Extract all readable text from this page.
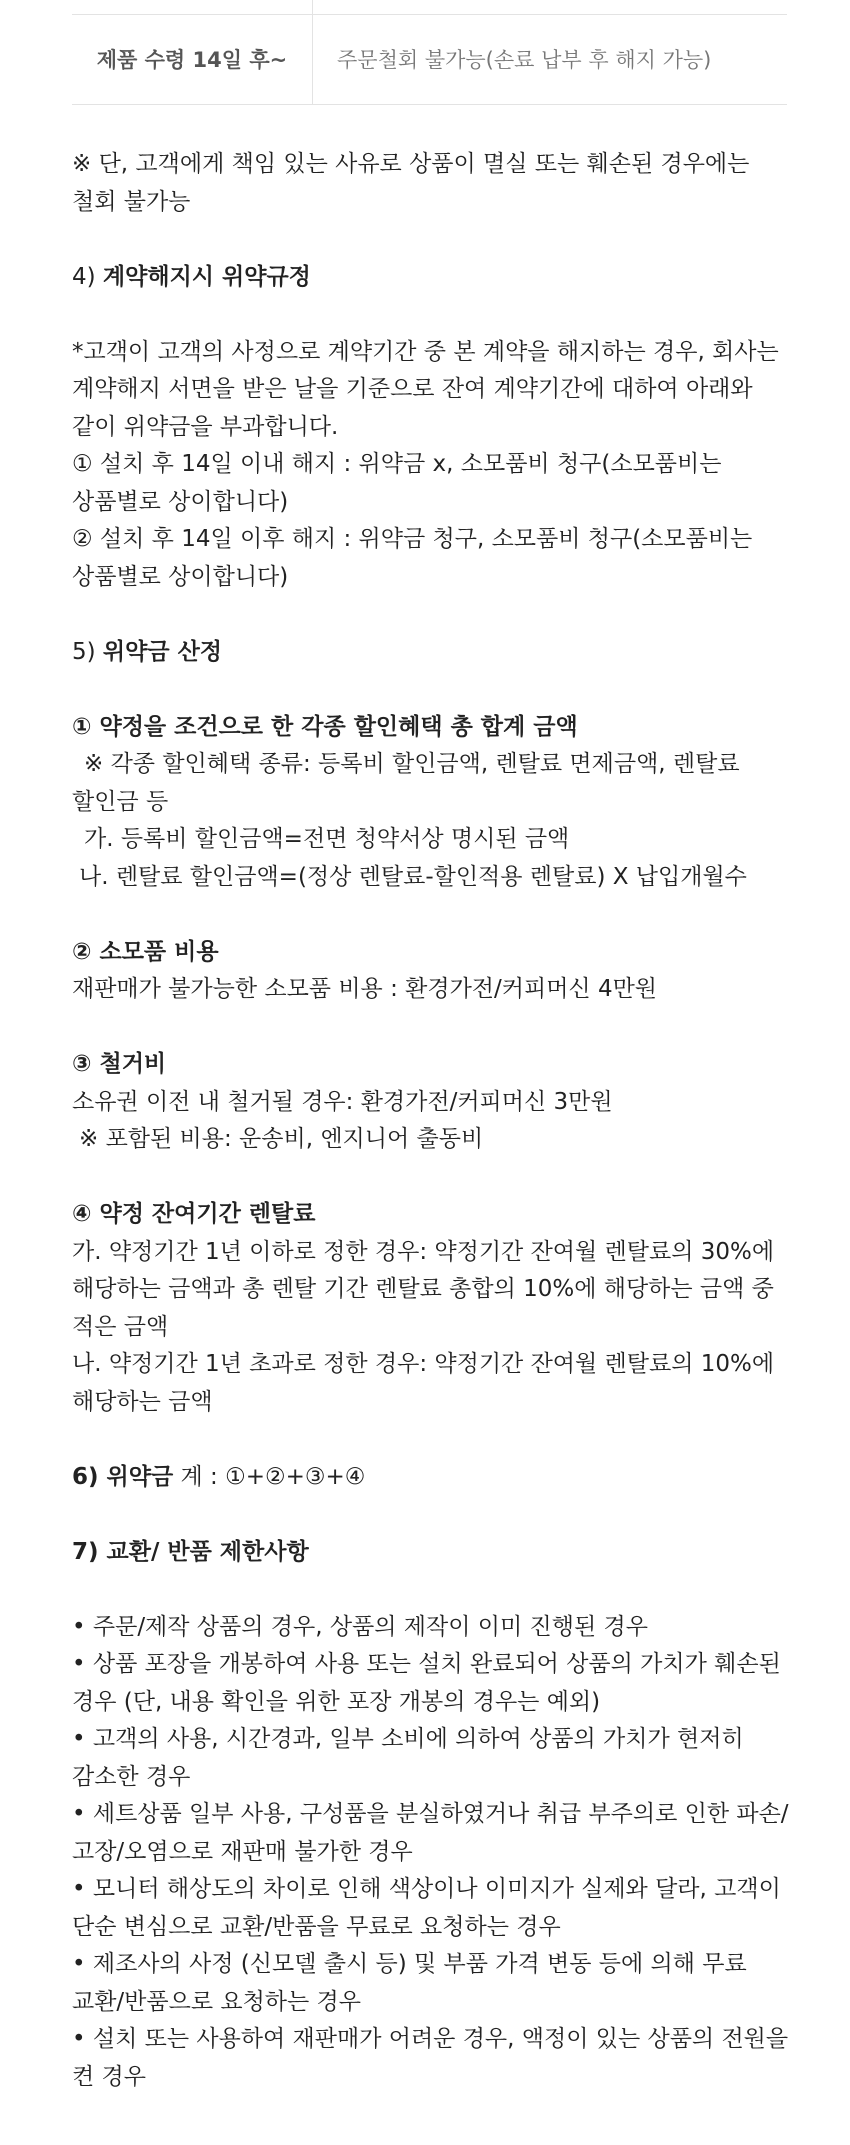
제품 수령 14일 후~	주문철회 불가능(손료 납부 후 해지 가능)
※ 단, 고객에게 책임 있는 사유로 상품이 멸실 또는 훼손된 경우에는
철회 불가능
4) 계약해지시 위약규정
*고객이 고객의 사정으로 계약기간 중 본 계약을 해지하는 경우, 회사는
계약해지 서면을 받은 날을 기준으로 잔여 계약기간에 대하여 아래와
같이 위약금을 부과합니다.
① 설치 후 14일 이내 해지 : 위약금 x, 소모품비 청구(소모품비는
상품별로 상이합니다)
② 설치 후 14일 이후 해지 : 위약금 청구, 소모품비 청구(소모품비는
상품별로 상이합니다)
5) 위약금 산정
① 약정을 조건으로 한 각종 할인혜택 총 합계 금액
※ 각종 할인혜택 종류: 등록비 할인금액, 렌탈료 면제금액, 렌탈료
할인금 등
가. 등록비 할인금액=전면 청약서상 명시된 금액
나. 렌탈료 할인금액=(정상 렌탈료-할인적용 렌탈료) X 납입개월수
② 소모품 비용
재판매가 불가능한 소모품 비용 : 환경가전/커피머신 4만원
③ 철거비
소유권 이전 내 철거될 경우: 환경가전/커피머신 3만원
※ 포함된 비용: 운송비, 엔지니어 출동비
④ 약정 잔여기간 렌탈료
가. 약정기간 1년 이하로 정한 경우: 약정기간 잔여월 렌탈료의 30%에
해당하는 금액과 총 렌탈 기간 렌탈료 총합의 10%에 해당하는 금액 중
적은 금액
나. 약정기간 1년 초과로 정한 경우: 약정기간 잔여월 렌탈료의 10%에
해당하는 금액
6) 위약금 계 : ①+②+③+④
7) 교환/ 반품 제한사항
• 주문/제작 상품의 경우, 상품의 제작이 이미 진행된 경우
• 상품 포장을 개봉하여 사용 또는 설치 완료되어 상품의 가치가 훼손된
경우 (단, 내용 확인을 위한 포장 개봉의 경우는 예외)
• 고객의 사용, 시간경과, 일부 소비에 의하여 상품의 가치가 현저히
감소한 경우
• 세트상품 일부 사용, 구성품을 분실하였거나 취급 부주의로 인한 파손/
고장/오염으로 재판매 불가한 경우
• 모니터 해상도의 차이로 인해 색상이나 이미지가 실제와 달라, 고객이
단순 변심으로 교환/반품을 무료로 요청하는 경우
• 제조사의 사정 (신모델 출시 등) 및 부품 가격 변동 등에 의해 무료
교환/반품으로 요청하는 경우
• 설치 또는 사용하여 재판매가 어려운 경우, 액정이 있는 상품의 전원을
켠 경우
